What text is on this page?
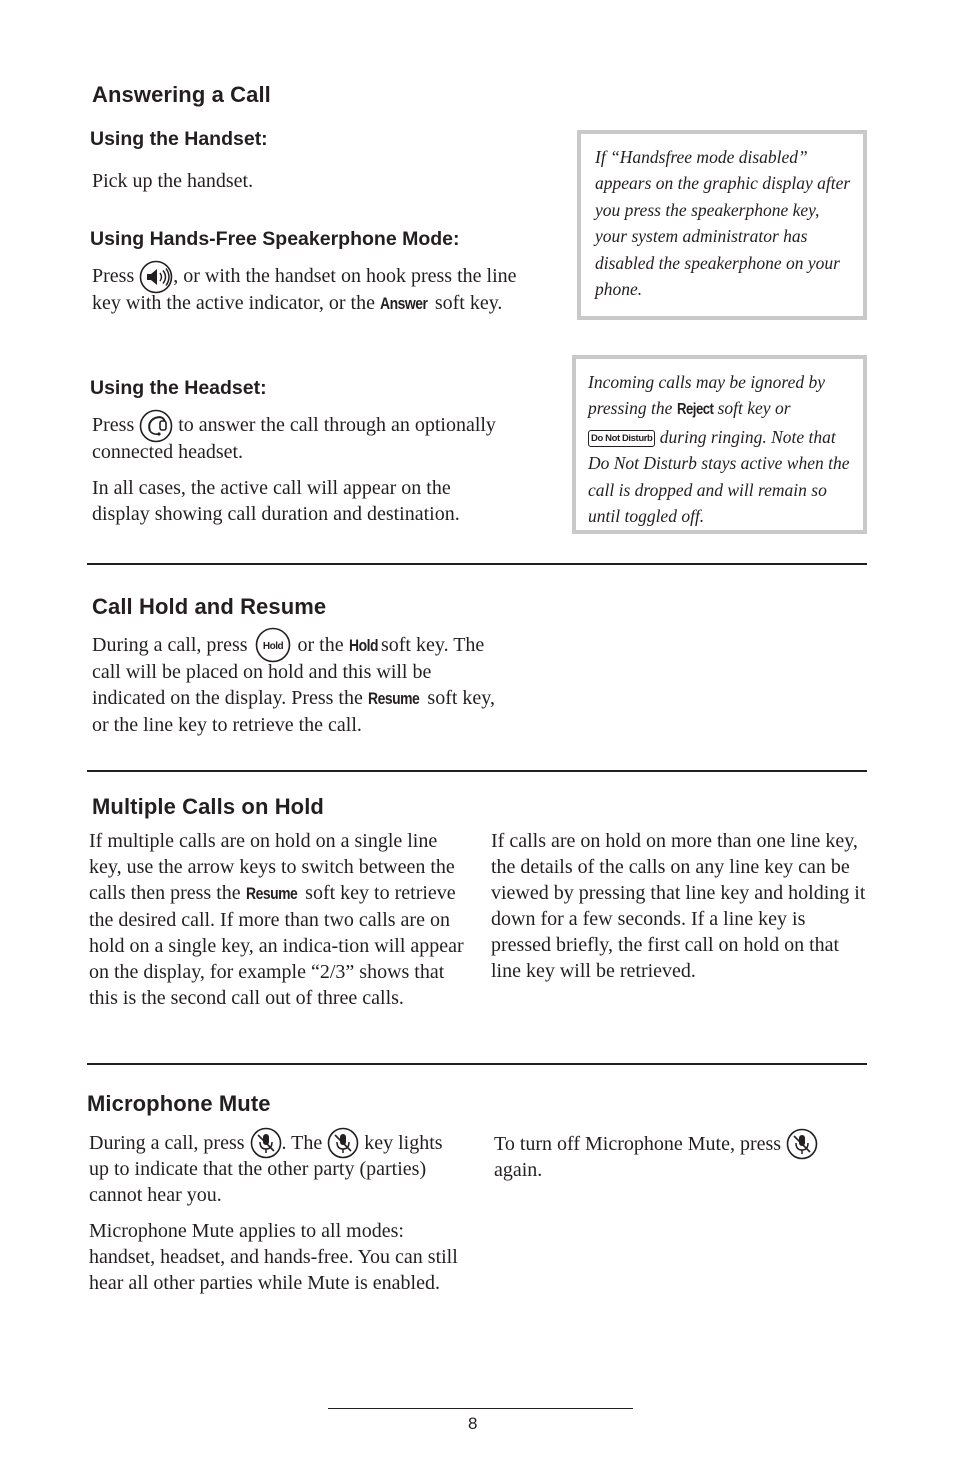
Answering a Call
Using the Handset:

Pick up the handset.

Using Hands-Free Speakerphone Mode:

Press , or with the handset on hook press the line key with the active indicator, or the Answer soft key.

Using the Headset:

Press to answer the call through an optionally connected headset.

In all cases, the active call will appear on the display showing call duration and destination.

If “Handsfree mode disabled” appears on the graphic display after you press the speakerphone key, your system administrator has disabled the speakerphone on your phone.
Incoming calls may be ignored by pressing the Reject soft key or Do Not Disturb during ringing. Note that Do Not Disturb stays active when the call is dropped and will remain so until toggled off.
Call Hold and Resume

During a call, press Hold or the Hold soft key. The call will be placed on hold and this will be indicated on the display. Press the Resume soft key, or the line key to retrieve the call.

Multiple Calls on Hold

If multiple calls are on hold on a single line key, use the arrow keys to switch between the calls then press the Resume soft key to retrieve the desired call. If more than two calls are on hold on a single key, an indica-tion will appear on the display, for example “2/3” shows that this is the second call out of three calls.

If calls are on hold on more than one line key, the details of the calls on any line key can be viewed by pressing that line key and holding it down for a few seconds. If a line key is pressed briefly, the first call on hold on that line key will be retrieved.

Microphone Mute

During a call, press . The key lights up to indicate that the other party (parties) cannot hear you.

Microphone Mute applies to all modes: handset, headset, and hands-free. You can still hear all other parties while Mute is enabled.

To turn off Microphone Mute, press
again.

8
